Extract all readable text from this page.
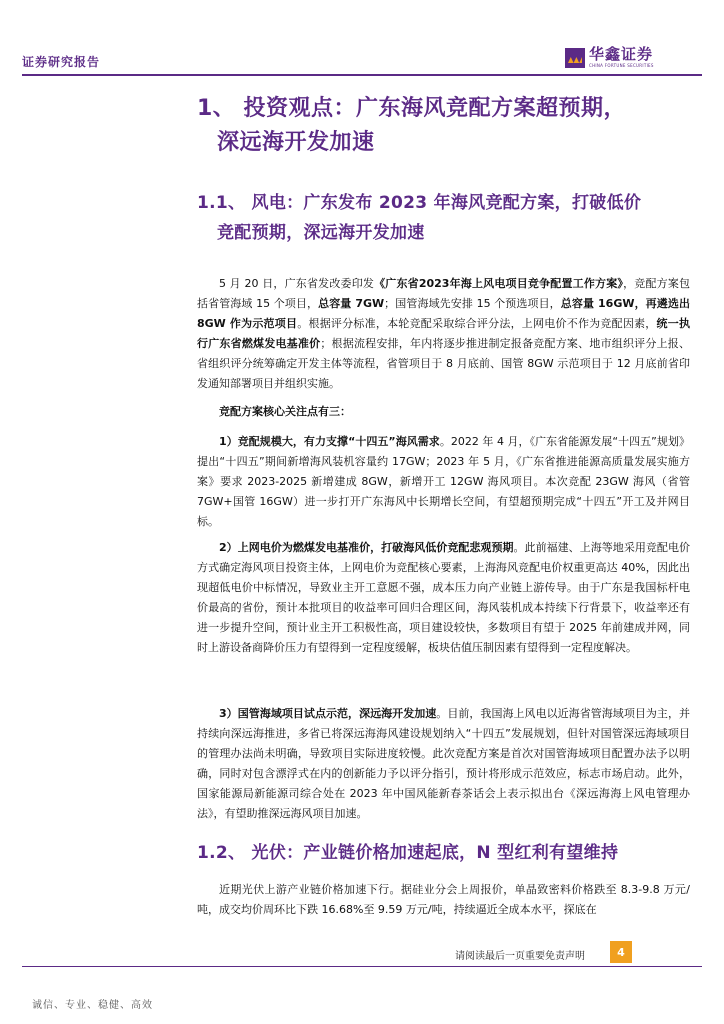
证券研究报告	华鑫证券
CHINA FORTUNE SECURITIES
1、 投资观点：广东海风竞配方案超预期，
深远海开发加速
1.1、 风电：广东发布 2023 年海风竞配方案，打破低价
竞配预期，深远海开发加速

5 月 20 日，广东省发改委印发《广东省2023年海上风电项目竞争配置工作方案》，竞配方案包括省管海域 15 个项目，总容量 7GW；国管海域先安排 15 个预选项目，总容量 16GW，再遴选出 8GW 作为示范项目。根据评分标准，本轮竞配采取综合评分法，上网电价不作为竞配因素，统一执行广东省燃煤发电基准价；根据流程安排，年内将逐步推进制定报备竞配方案、地市组织评分上报、省组织评分统筹确定开发主体等流程，省管项目于 8 月底前、国管 8GW 示范项目于 12 月底前省印发通知部署项目并组织实施。

竞配方案核心关注点有三：

1）竞配规模大，有力支撑“十四五”海风需求。2022 年 4 月，《广东省能源发展“十四五”规划》提出“十四五”期间新增海风装机容量约 17GW；2023 年 5 月，《广东省推进能源高质量发展实施方案》要求 2023-2025 新增建成 8GW，新增开工 12GW 海风项目。本次竞配 23GW 海风（省管 7GW+国管 16GW）进一步打开广东海风中长期增长空间，有望超预期完成“十四五”开工及并网目标。

2）上网电价为燃煤发电基准价，打破海风低价竞配悲观预期。此前福建、上海等地采用竞配电价方式确定海风项目投资主体，上网电价为竞配核心要素，上海海风竞配电价权重更高达 40%，因此出现超低电价中标情况，导致业主开工意愿不强，成本压力向产业链上游传导。由于广东是我国标杆电价最高的省份，预计本批项目的收益率可回归合理区间，海风装机成本持续下行背景下，收益率还有进一步提升空间，预计业主开工积极性高，项目建设较快，多数项目有望于 2025 年前建成并网，同时上游设备商降价压力有望得到一定程度缓解，板块估值压制因素有望得到一定程度解决。

3）国管海域项目试点示范，深远海开发加速。目前，我国海上风电以近海省管海域项目为主，并持续向深远海推进，多省已将深远海海风建设规划纳入“十四五”发展规划，但针对国管深远海域项目的管理办法尚未明确，导致项目实际进度较慢。此次竞配方案是首次对国管海域项目配置办法予以明确，同时对包含漂浮式在内的创新能力予以评分指引，预计将形成示范效应，标志市场启动。此外，国家能源局新能源司综合处在 2023 年中国风能新春茶话会上表示拟出台《深远海海上风电管理办法》，有望助推深远海风项目加速。

1.2、 光伏：产业链价格加速起底，N 型红利有望维持

近期光伏上游产业链价格加速下行。据硅业分会上周报价，单晶致密料价格跌至 8.3-9.8 万元/吨，成交均价周环比下跌 16.68%至 9.59 万元/吨，持续逼近全成本水平，探底在

请阅读最后一页重要免责声明	4
诚信、专业、稳健、高效
